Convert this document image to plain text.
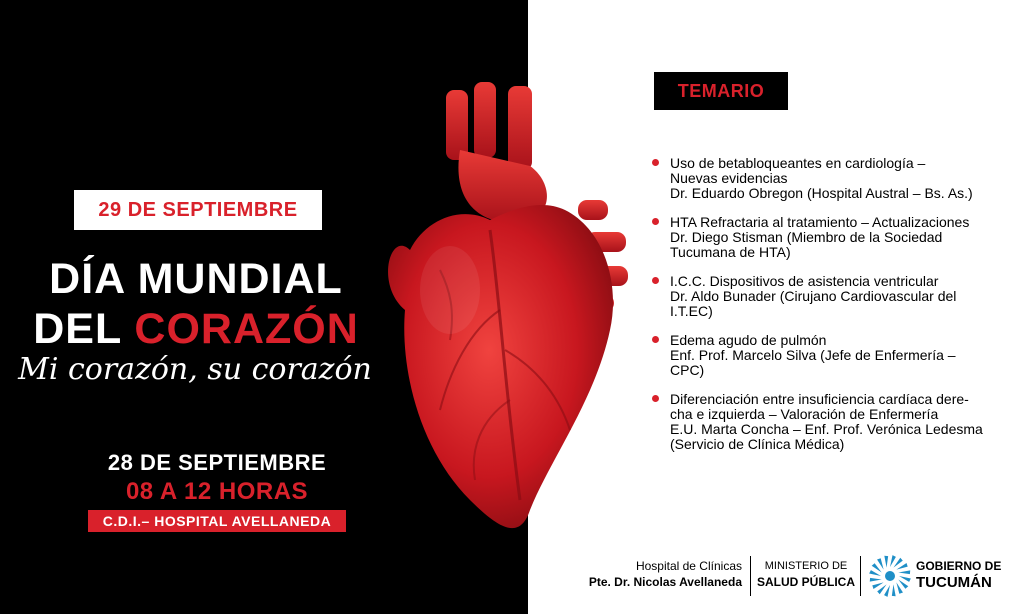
29 DE SEPTIEMBRE
DÍA MUNDIAL
DEL CORAZÓN
Mi corazón, su corazón
28 DE SEPTIEMBRE
08 A 12 HORAS
C.D.I.– HOSPITAL AVELLANEDA
TEMARIO
Uso de betabloqueantes en cardiología –
Nuevas evidencias
Dr. Eduardo Obregon (Hospital Austral – Bs. As.)
HTA Refractaria al tratamiento – Actualizaciones
Dr. Diego Stisman (Miembro de la Sociedad
Tucumana de HTA)
I.C.C. Dispositivos de asistencia ventricular
Dr. Aldo Bunader (Cirujano Cardiovascular del
I.T.EC)
Edema agudo de pulmón
Enf. Prof. Marcelo Silva (Jefe de Enfermería –
CPC)
Diferenciación entre insuficiencia cardíaca dere-
cha e izquierda – Valoración de Enfermería
E.U. Marta Concha – Enf. Prof. Verónica Ledesma
(Servicio de Clínica Médica)
Hospital de Clínicas
Pte. Dr. Nicolas Avellaneda
MINISTERIO DE
SALUD PÚBLICA
GOBIERNO DE
TUCUMÁN
